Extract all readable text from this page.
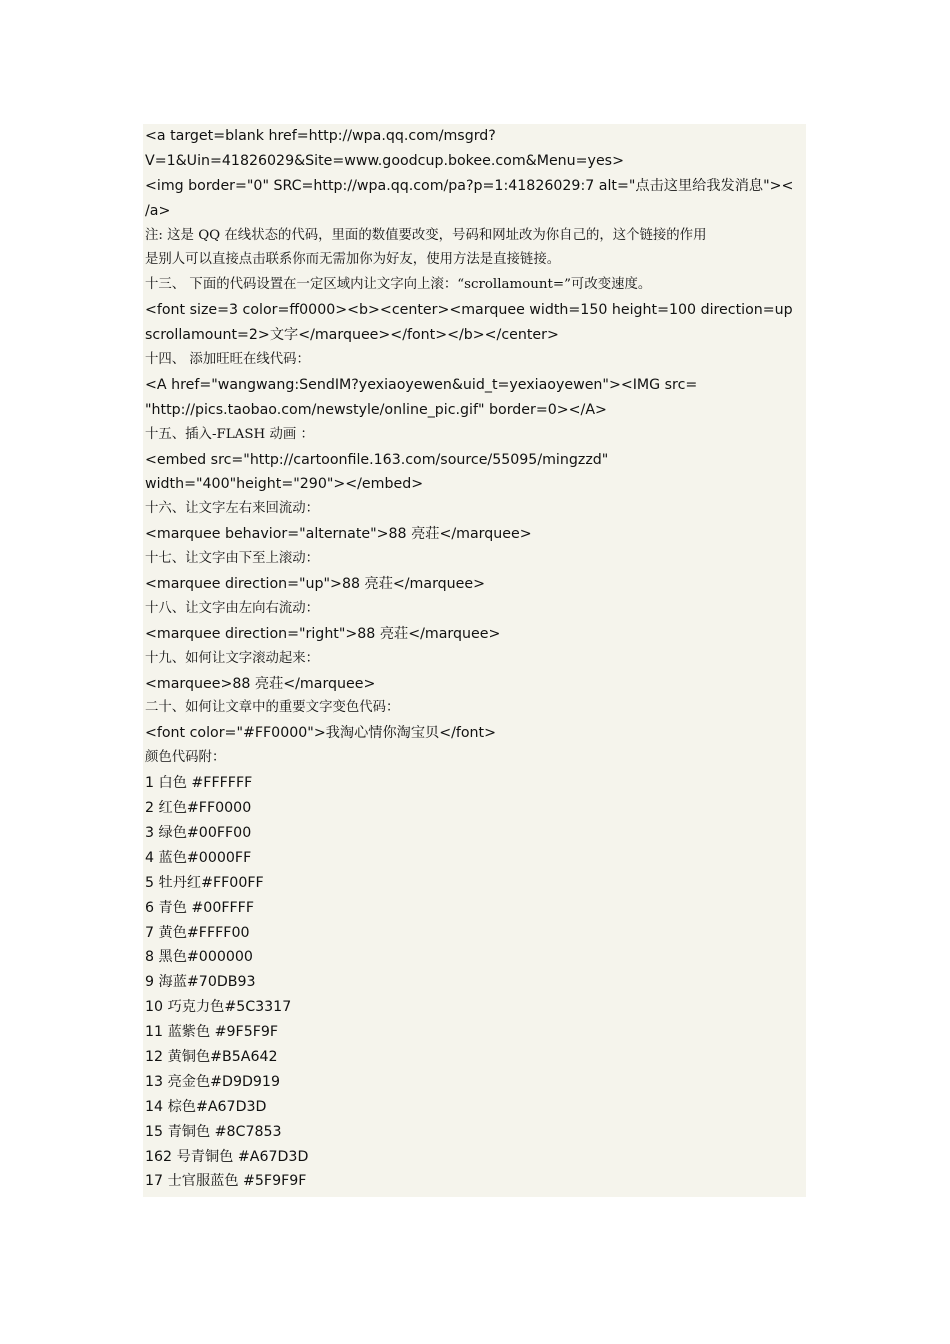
<a target=blank href=http://wpa.qq.com/msgrd?
V=1&Uin=41826029&Site=www.goodcup.bokee.com&Menu=yes>
<img border="0" SRC=http://wpa.qq.com/pa?p=1:41826029:7 alt="点击这里给我发消息"><
/a>
注: 这是 QQ 在线状态的代码，里面的数值要改变，号码和网址改为你自己的，这个链接的作用
是别人可以直接点击联系你而无需加你为好友，使用方法是直接链接。
十三、 下面的代码设置在一定区域内让文字向上滚：“scrollamount=”可改变速度。
<font size=3 color=ff0000><b><center><marquee width=150 height=100 direction=up
scrollamount=2>文字</marquee></font></b></center>
十四、 添加旺旺在线代码：
<A href="wangwang:SendIM?yexiaoyewen&uid_t=yexiaoyewen"><IMG src=
"http://pics.taobao.com/newstyle/online_pic.gif" border=0></A>
十五、插入-FLASH 动画 ：
<embed src="http://cartoonfile.163.com/source/55095/mingzzd"
width="400"height="290"></embed>
十六、让文字左右来回流动：
<marquee behavior="alternate">88 亮荘</marquee>
十七、让文字由下至上滚动：
<marquee direction="up">88 亮荘</marquee>
十八、让文字由左向右流动：
<marquee direction="right">88 亮荘</marquee>
十九、如何让文字滚动起来：
<marquee>88 亮荘</marquee>
二十、如何让文章中的重要文字变色代码：
<font color="#FF0000">我淘心情你淘宝贝</font>
颜色代码附：
1 白色 #FFFFFF
2 红色#FF0000
3 绿色#00FF00
4 蓝色#0000FF
5 牡丹红#FF00FF
6 青色 #00FFFF
7 黄色#FFFF00
8 黑色#000000
9 海蓝#70DB93
10 巧克力色#5C3317
11 蓝紫色 #9F5F9F
12 黄铜色#B5A642
13 亮金色#D9D919
14 棕色#A67D3D
15 青铜色 #8C7853
162 号青铜色 #A67D3D
17 士官服蓝色 #5F9F9F
